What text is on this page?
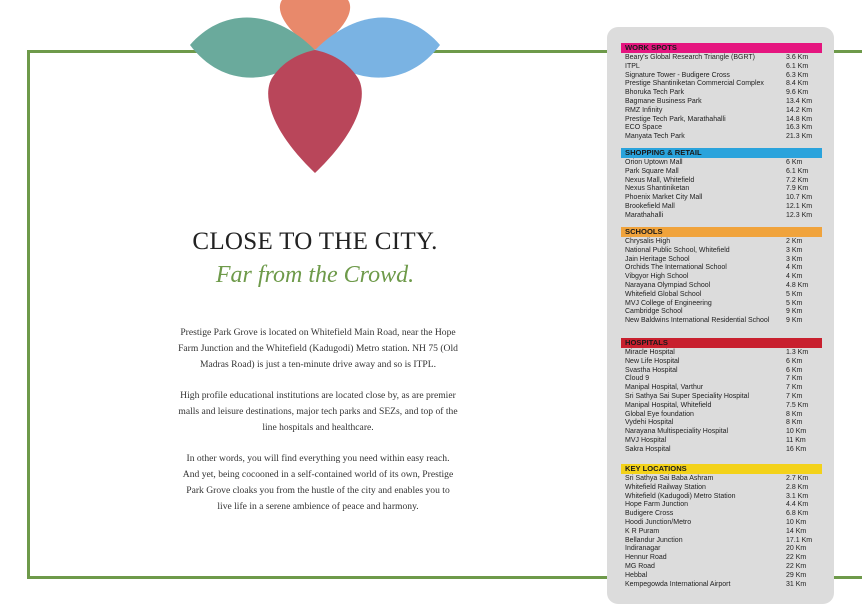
CLOSE TO THE CITY.
Far from the Crowd.

Prestige Park Grove is located on Whitefield Main Road, near the Hope Farm Junction and the Whitefield (Kadugodi) Metro station. NH 75 (Old Madras Road) is just a ten-minute drive away and so is ITPL.

High profile educational institutions are located close by, as are premier malls and leisure destinations, major tech parks and SEZs, and top of the line hospitals and healthcare.

In other words, you will find everything you need within easy reach. And yet, being cocooned in a self-contained world of its own, Prestige Park Grove cloaks you from the hustle of the city and enables you to live life in a serene ambience of peace and harmony.

WORK SPOTS
Beary's Global Research Triangle (BGRT)	3.6 Km
ITPL	6.1 Km
Signature Tower - Budigere Cross	6.3 Km
Prestige Shantiniketan Commercial Complex	8.4 Km
Bhoruka Tech Park	9.6 Km
Bagmane Business Park	13.4 Km
RMZ Infinity	14.2 Km
Prestige Tech Park, Marathahalli	14.8 Km
ECO Space	16.3 Km
Manyata Tech Park	21.3 Km
SHOPPING & RETAIL
Orion Uptown Mall	6 Km
Park Square Mall	6.1 Km
Nexus Mall, Whitefield	7.2 Km
Nexus Shantiniketan	7.9 Km
Phoenix Market City Mall	10.7 Km
Brookefield Mall	12.1 Km
Marathahalli	12.3 Km
SCHOOLS
Chrysalis High	2 Km
National Public School, Whitefield	3 Km
Jain Heritage School	3 Km
Orchids The International School	4 Km
Vibgyor High School	4 Km
Narayana Olympiad School	4.8 Km
Whitefield Global School	5 Km
MVJ College of Engineering	5 Km
Cambridge School	9 Km
New Baldwins International Residential School 9 Km
HOSPITALS
Miracle Hospital	1.3 Km
New Life Hospital	6 Km
Svastha Hospital	6 Km
Cloud 9	7 Km
Manipal Hospital, Varthur	7 Km
Sri Sathya Sai Super Speciality Hospital	7 Km
Manipal Hospital, Whitefield	7.5 Km
Global Eye foundation	8 Km
Vydehi Hospital	8 Km
Narayana Multispeciality Hospital	10 Km
MVJ Hospital	11 Km
Sakra Hospital	16 Km
KEY LOCATIONS
Sri Sathya Sai Baba Ashram	2.7 Km
Whitefield Railway Station	2.8 Km
Whitefield (Kadugodi) Metro Station	3.1 Km
Hope Farm Junction	4.4 Km
Budigere Cross	6.8 Km
Hoodi Junction/Metro	10 Km
K R Puram	14 Km
Bellandur Junction	17.1 Km
Indiranagar	20 Km
Hennur Road	22 Km
MG Road	22 Km
Hebbal	29 Km
Kempegowda International Airport	31 Km
